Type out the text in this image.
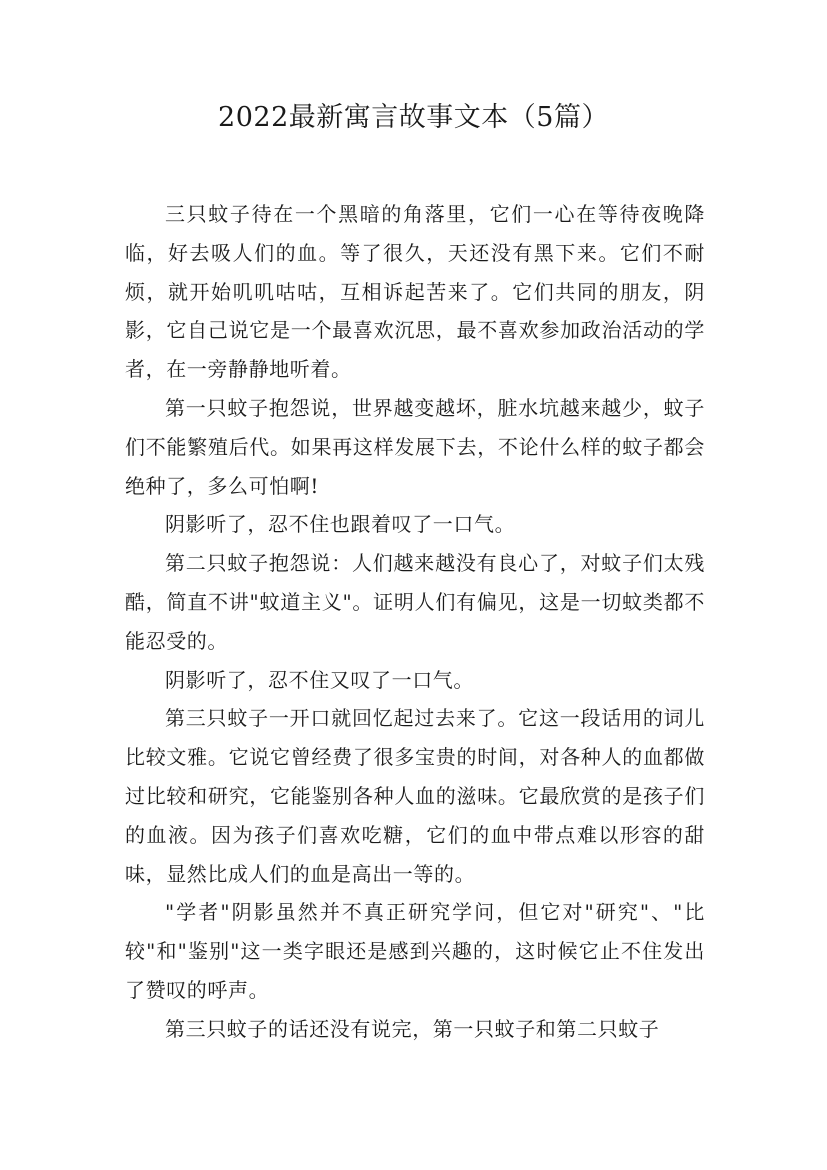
2022最新寓言故事文本（5篇）

三只蚊子待在一个黑暗的角落里，它们一心在等待夜晚降临，好去吸人们的血。等了很久，天还没有黑下来。它们不耐烦，就开始叽叽咕咕，互相诉起苦来了。它们共同的朋友，阴影，它自己说它是一个最喜欢沉思，最不喜欢参加政治活动的学者，在一旁静静地听着。

第一只蚊子抱怨说，世界越变越坏，脏水坑越来越少，蚊子们不能繁殖后代。如果再这样发展下去，不论什么样的蚊子都会绝种了，多么可怕啊!

阴影听了，忍不住也跟着叹了一口气。

第二只蚊子抱怨说：人们越来越没有良心了，对蚊子们太残酷，简直不讲"蚊道主义"。证明人们有偏见，这是一切蚊类都不能忍受的。

阴影听了，忍不住又叹了一口气。

第三只蚊子一开口就回忆起过去来了。它这一段话用的词儿比较文雅。它说它曾经费了很多宝贵的时间，对各种人的血都做过比较和研究，它能鉴别各种人血的滋味。它最欣赏的是孩子们的血液。因为孩子们喜欢吃糖，它们的血中带点难以形容的甜味，显然比成人们的血是高出一等的。

"学者"阴影虽然并不真正研究学问，但它对"研究"、"比较"和"鉴别"这一类字眼还是感到兴趣的，这时候它止不住发出了赞叹的呼声。

第三只蚊子的话还没有说完，第一只蚊子和第二只蚊子
